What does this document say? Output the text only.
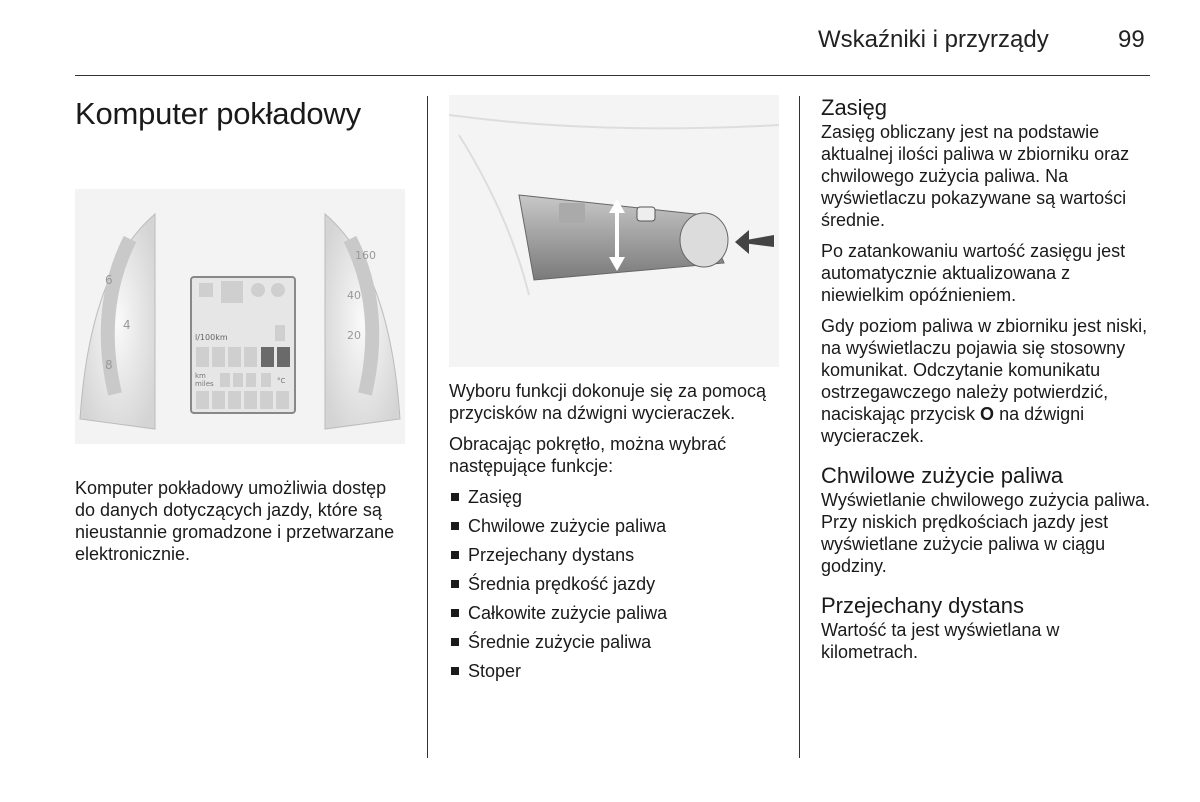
Wskaźniki i przyrządy	99
Komputer pokładowy
6
4
8
160
40
20
l/100km
km
miles	°C

Komputer pokładowy umożliwia dostęp do danych dotyczących jazdy, które są nieustannie gromadzone i przetwarzane elektronicznie.

Wyboru funkcji dokonuje się za pomocą przycisków na dźwigni wycieraczek.

Obracając pokrętło, można wybrać następujące funkcje:

Zasięg
Chwilowe zużycie paliwa
Przejechany dystans
Średnia prędkość jazdy
Całkowite zużycie paliwa
Średnie zużycie paliwa
Stoper
Zasięg

Zasięg obliczany jest na podstawie aktualnej ilości paliwa w zbiorniku oraz chwilowego zużycia paliwa. Na wyświetlaczu pokazywane są wartości średnie.

Po zatankowaniu wartość zasięgu jest automatycznie aktualizowana z niewielkim opóźnieniem.

Gdy poziom paliwa w zbiorniku jest niski, na wyświetlaczu pojawia się stosowny komunikat. Odczytanie komunikatu ostrzegawczego należy potwierdzić, naciskając przycisk O na dźwigni wycieraczek.

Chwilowe zużycie paliwa

Wyświetlanie chwilowego zużycia paliwa. Przy niskich prędkościach jazdy jest wyświetlane zużycie paliwa w ciągu godziny.

Przejechany dystans

Wartość ta jest wyświetlana w kilometrach.
